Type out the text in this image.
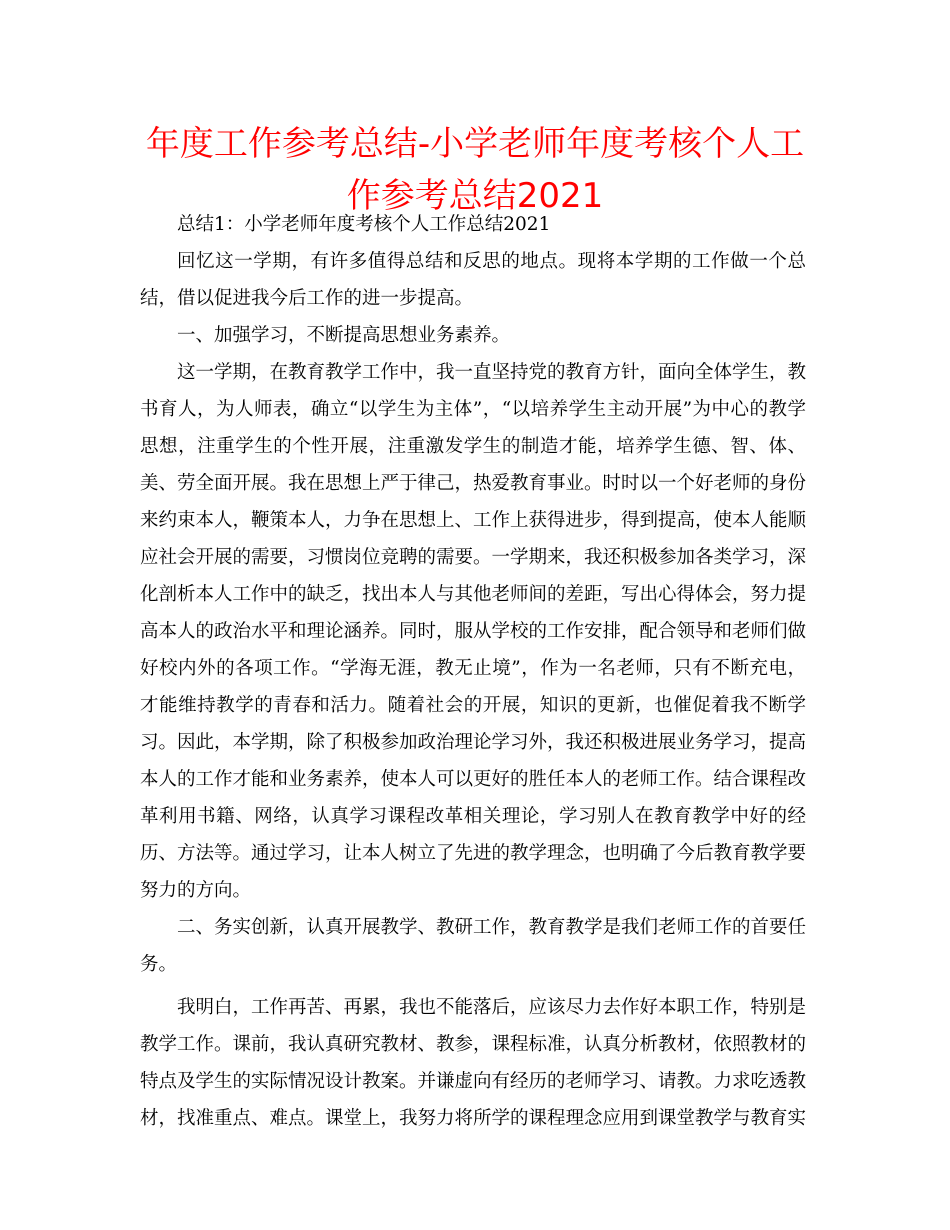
年度工作参考总结-小学老师年度考核个人工作参考总结2021

总结1：小学老师年度考核个人工作总结2021

回忆这一学期，有许多值得总结和反思的地点。现将本学期的工作做一个总结，借以促进我今后工作的进一步提高。

一、加强学习，不断提高思想业务素养。

这一学期，在教育教学工作中，我一直坚持党的教育方针，面向全体学生，教书育人，为人师表，确立“以学生为主体”，“以培养学生主动开展”为中心的教学思想，注重学生的个性开展，注重激发学生的制造才能，培养学生德、智、体、美、劳全面开展。我在思想上严于律己，热爱教育事业。时时以一个好老师的身份来约束本人，鞭策本人，力争在思想上、工作上获得进步，得到提高，使本人能顺应社会开展的需要，习惯岗位竞聘的需要。一学期来，我还积极参加各类学习，深化剖析本人工作中的缺乏，找出本人与其他老师间的差距，写出心得体会，努力提高本人的政治水平和理论涵养。同时，服从学校的工作安排，配合领导和老师们做好校内外的各项工作。“学海无涯，教无止境”，作为一名老师，只有不断充电，才能维持教学的青春和活力。随着社会的开展，知识的更新，也催促着我不断学习。因此，本学期，除了积极参加政治理论学习外，我还积极进展业务学习，提高本人的工作才能和业务素养，使本人可以更好的胜任本人的老师工作。结合课程改革利用书籍、网络，认真学习课程改革相关理论，学习别人在教育教学中好的经历、方法等。通过学习，让本人树立了先进的教学理念，也明确了今后教育教学要努力的方向。

二、务实创新，认真开展教学、教研工作，教育教学是我们老师工作的首要任务。

我明白，工作再苦、再累，我也不能落后，应该尽力去作好本职工作，特别是教学工作。课前，我认真研究教材、教参，课程标准，认真分析教材，依照教材的特点及学生的实际情况设计教案。并谦虚向有经历的老师学习、请教。力求吃透教材，找准重点、难点。课堂上，我努力将所学的课程理念应用到课堂教学与教育实
